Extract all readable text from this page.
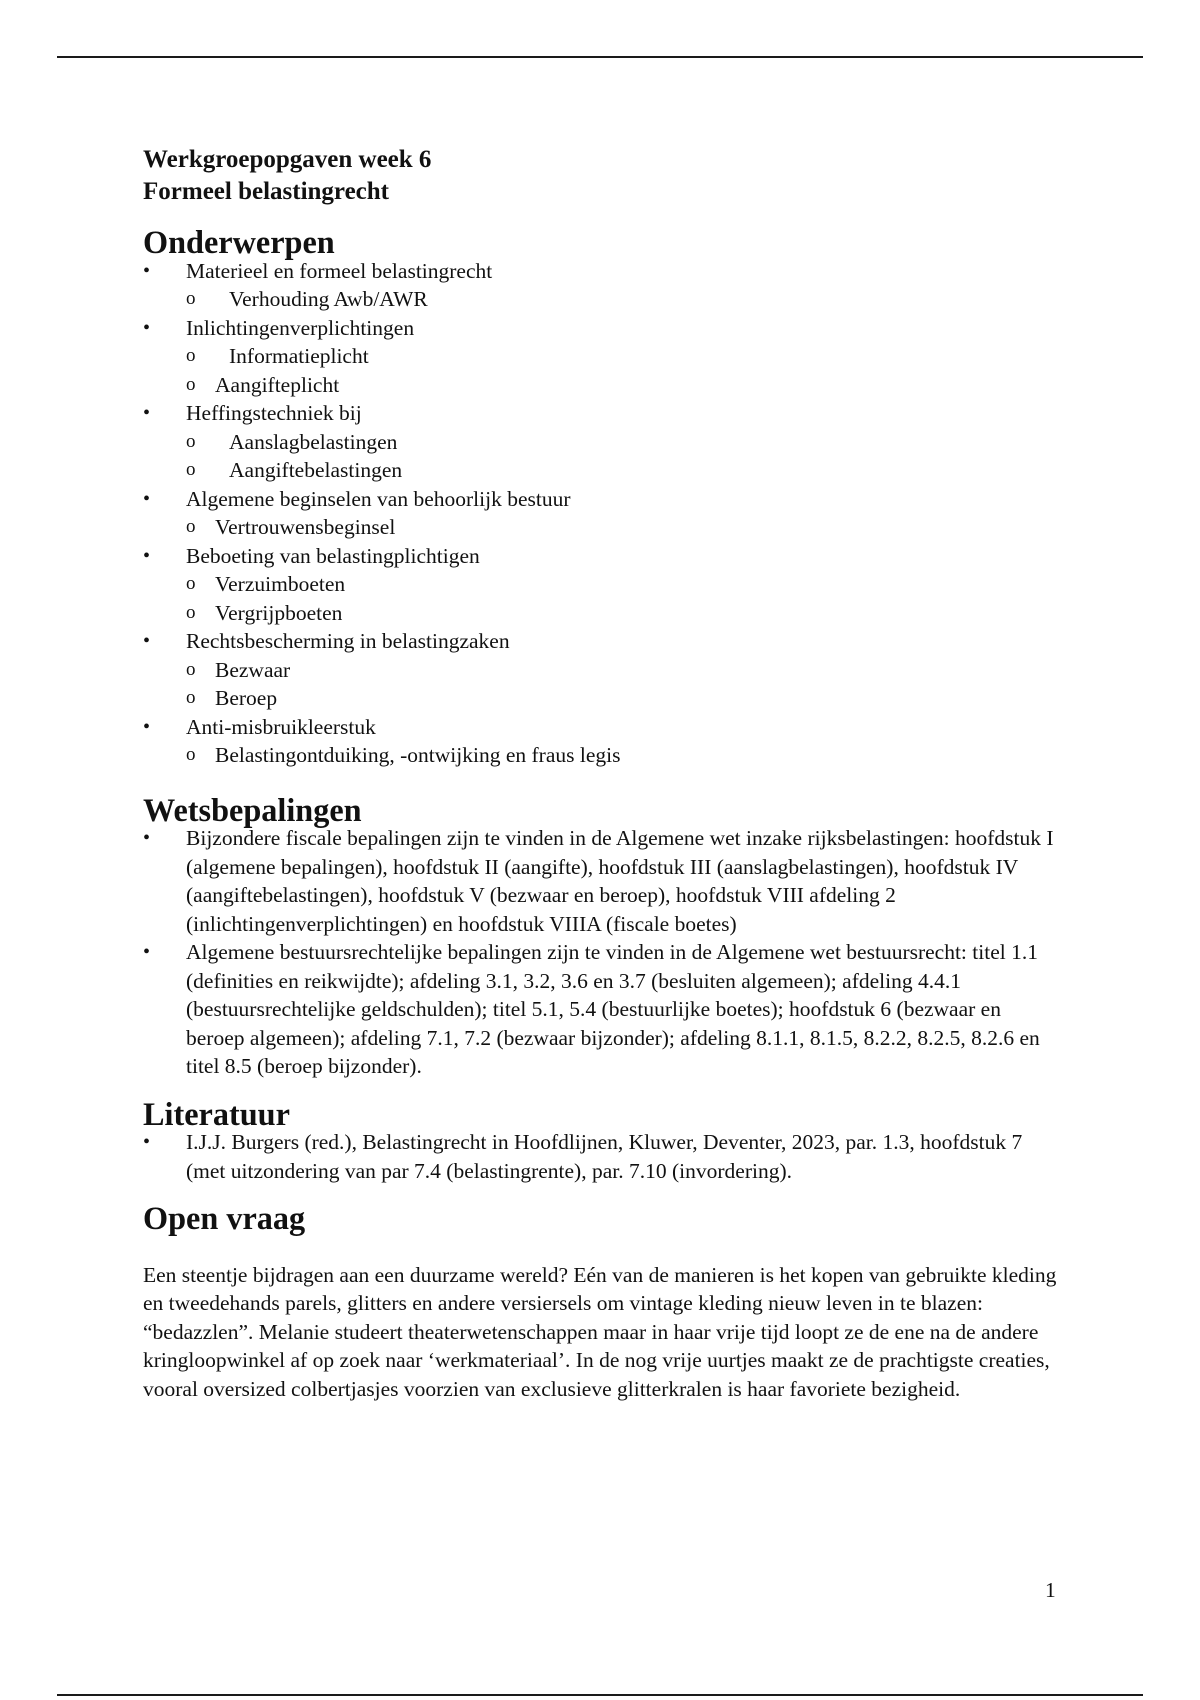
Werkgroepopgaven week 6
Formeel belastingrecht
Onderwerpen
•	Materieel en formeel belastingrecht
o Verhouding Awb/AWR
•	Inlichtingenverplichtingen
o Informatieplicht
o Aangifteplicht
•	Heffingstechniek bij
o Aanslagbelastingen
o Aangiftebelastingen
•	Algemene beginselen van behoorlijk bestuur
o Vertrouwensbeginsel
•	Beboeting van belastingplichtigen
o Verzuimboeten
o Vergrijpboeten
•	Rechtsbescherming in belastingzaken
o Bezwaar
o Beroep
•	Anti-misbruikleerstuk
o Belastingontduiking, -ontwijking en fraus legis
Wetsbepalingen
•	Bijzondere fiscale bepalingen zijn te vinden in de Algemene wet inzake rijksbelastingen: hoofdstuk I (algemene bepalingen), hoofdstuk II (aangifte), hoofdstuk III (aanslagbelastingen), hoofdstuk IV (aangiftebelastingen), hoofdstuk V (bezwaar en beroep), hoofdstuk VIII afdeling 2 (inlichtingenverplichtingen) en hoofdstuk VIIIA (fiscale boetes)
•	Algemene bestuursrechtelijke bepalingen zijn te vinden in de Algemene wet bestuursrecht: titel 1.1 (definities en reikwijdte); afdeling 3.1, 3.2, 3.6 en 3.7 (besluiten algemeen); afdeling 4.4.1 (bestuursrechtelijke geldschulden); titel 5.1, 5.4 (bestuurlijke boetes); hoofdstuk 6 (bezwaar en beroep algemeen); afdeling 7.1, 7.2 (bezwaar bijzonder); afdeling 8.1.1, 8.1.5, 8.2.2, 8.2.5, 8.2.6 en titel 8.5 (beroep bijzonder).
Literatuur
•	I.J.J. Burgers (red.), Belastingrecht in Hoofdlijnen, Kluwer, Deventer, 2023, par. 1.3, hoofdstuk 7 (met uitzondering van par 7.4 (belastingrente), par. 7.10 (invordering).
Open vraag

Een steentje bijdragen aan een duurzame wereld? Eén van de manieren is het kopen van gebruikte kleding en tweedehands parels, glitters en andere versiersels om vintage kleding nieuw leven in te blazen: “bedazzlen”. Melanie studeert theaterwetenschappen maar in haar vrije tijd loopt ze de ene na de andere kringloopwinkel af op zoek naar ‘werkmateriaal’. In de nog vrije uurtjes maakt ze de prachtigste creaties, vooral oversized colbertjasjes voorzien van exclusieve glitterkralen is haar favoriete bezigheid.

1
